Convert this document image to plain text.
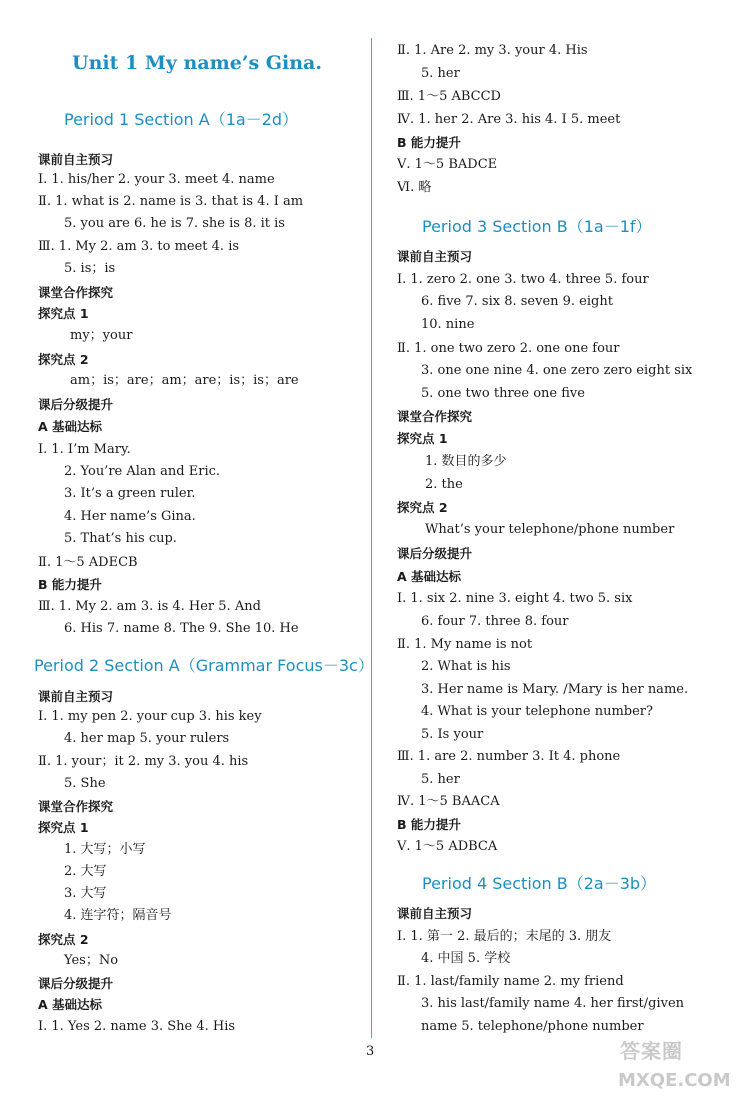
Unit 1 My name’s Gina.
Period 1 Section A（1a－2d）
课前自主预习
Ⅰ. 1. his/her 2. your 3. meet 4. name
Ⅱ. 1. what is 2. name is 3. that is 4. I am
5. you are 6. he is 7. she is 8. it is
Ⅲ. 1. My 2. am 3. to meet 4. is
5. is；is
课堂合作探究
探究点 1
my；your
探究点 2
am；is；are；am；are；is；is；are
课后分级提升
A 基础达标
Ⅰ. 1. I’m Mary.
2. You’re Alan and Eric.
3. It’s a green ruler.
4. Her name’s Gina.
5. That’s his cup.
Ⅱ. 1～5 ADECB
B 能力提升
Ⅲ. 1. My 2. am 3. is 4. Her 5. And
6. His 7. name 8. The 9. She 10. He
Period 2 Section A（Grammar Focus－3c）
课前自主预习
Ⅰ. 1. my pen 2. your cup 3. his key
4. her map 5. your rulers
Ⅱ. 1. your；it 2. my 3. you 4. his
5. She
课堂合作探究
探究点 1
1. 大写；小写
2. 大写
3. 大写
4. 连字符；隔音号
探究点 2
Yes；No
课后分级提升
A 基础达标
Ⅰ. 1. Yes 2. name 3. She 4. His
Ⅱ. 1. Are 2. my 3. your 4. His
5. her
Ⅲ. 1～5 ABCCD
Ⅳ. 1. her 2. Are 3. his 4. I 5. meet
B 能力提升
Ⅴ. 1～5 BADCE
Ⅵ. 略
Period 3 Section B（1a－1f）
课前自主预习
Ⅰ. 1. zero 2. one 3. two 4. three 5. four
6. five 7. six 8. seven 9. eight
10. nine
Ⅱ. 1. one two zero 2. one one four
3. one one nine 4. one zero zero eight six
5. one two three one five
课堂合作探究
探究点 1
1. 数目的多少
2. the
探究点 2
What’s your telephone/phone number
课后分级提升
A 基础达标
Ⅰ. 1. six 2. nine 3. eight 4. two 5. six
6. four 7. three 8. four
Ⅱ. 1. My name is not
2. What is his
3. Her name is Mary. /Mary is her name.
4. What is your telephone number?
5. Is your
Ⅲ. 1. are 2. number 3. It 4. phone
5. her
Ⅳ. 1～5 BAACA
B 能力提升
Ⅴ. 1～5 ADBCA
Period 4 Section B（2a－3b）
课前自主预习
Ⅰ. 1. 第一 2. 最后的；末尾的 3. 朋友
4. 中国 5. 学校
Ⅱ. 1. last/family name 2. my friend
3. his last/family name 4. her first/given
name 5. telephone/phone number
3	答案圈
MXQE.COM
